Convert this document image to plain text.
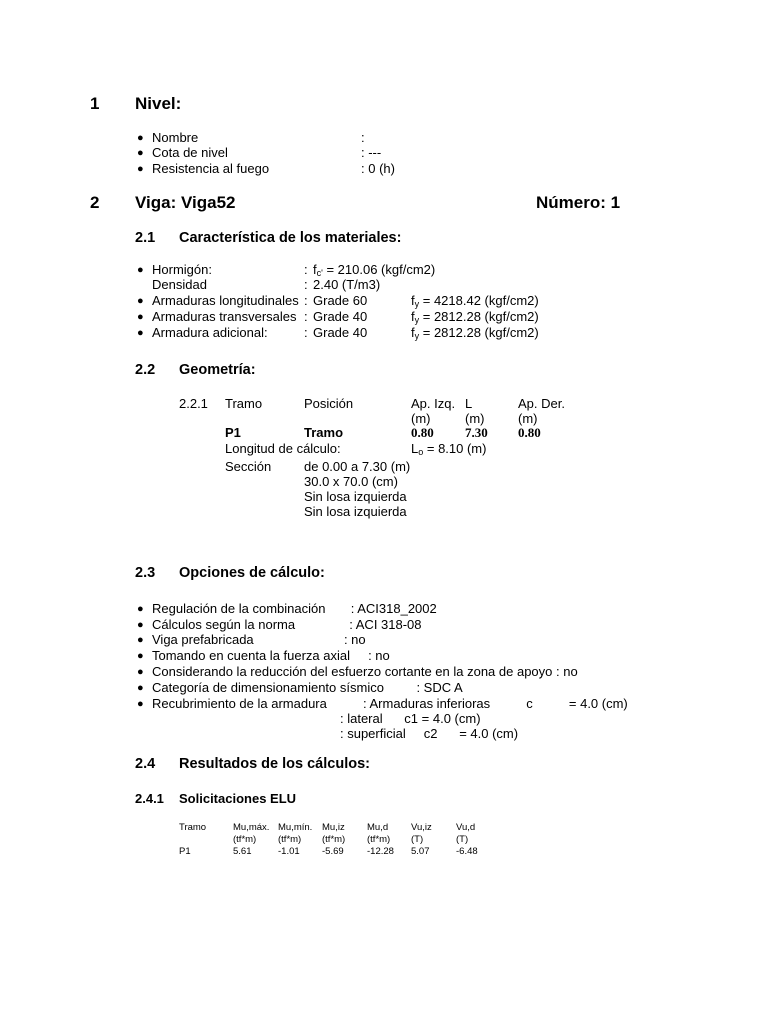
1 Nivel:
● Nombre	:
● Cota de nivel	: ---
● Resistencia al fuego	: 0 (h)
2 Viga: Viga52	Número: 1
2.1 Característica de los materiales:
● Hormigón:	: $f_{c'} = 210.06$ (kgf/cm2)
Densidad	: 2.40 (T/m3)
● Armaduras longitudinales : Grade 60	$f_y = 4218.42$ (kgf/cm2)
● Armaduras transversales : Grade 40	$f_y = 2812.28$ (kgf/cm2)
● Armadura adicional:	: Grade 40	$f_y = 2812.28$ (kgf/cm2)
2.2 Geometría:
2.2.1 Tramo	Posición	Ap. Izq. L	Ap. Der.
(m)	(m)	(m)
P1	Tramo	0.80 7.30 0.80
Longitud de cálculo:	$L_o = 8.10$ (m)
Sección	de 0.00 a 7.30 (m)
30.0 x 70.0 (cm)
Sin losa izquierda
Sin losa izquierda
2.3 Opciones de cálculo:
● Regulación de la combinación       : ACI318_2002
● Cálculos según la norma               : ACI 318-08
● Viga prefabricada                         : no
● Tomando en cuenta la fuerza axial     : no
● Considerando la reducción del esfuerzo cortante en la zona de apoyo : no
● Categoría de dimensionamiento sísmico         : SDC A
● Recubrimiento de la armadura          : Armaduras inferioras          c          = 4.0 (cm)
: lateral      c1 = 4.0 (cm)
: superficial     c2      = 4.0 (cm)
2.4 Resultados de los cálculos:
2.4.1 Solicitaciones ELU
Tramo	Mu,máx. Mu,mín. Mu,iz Mu,d Vu,iz	Vu,d
(tf*m) (tf*m) (tf*m) (tf*m) (T)	(T)
P1	5.61	-1.01 -5.69 -12.28 5.07	-6.48
